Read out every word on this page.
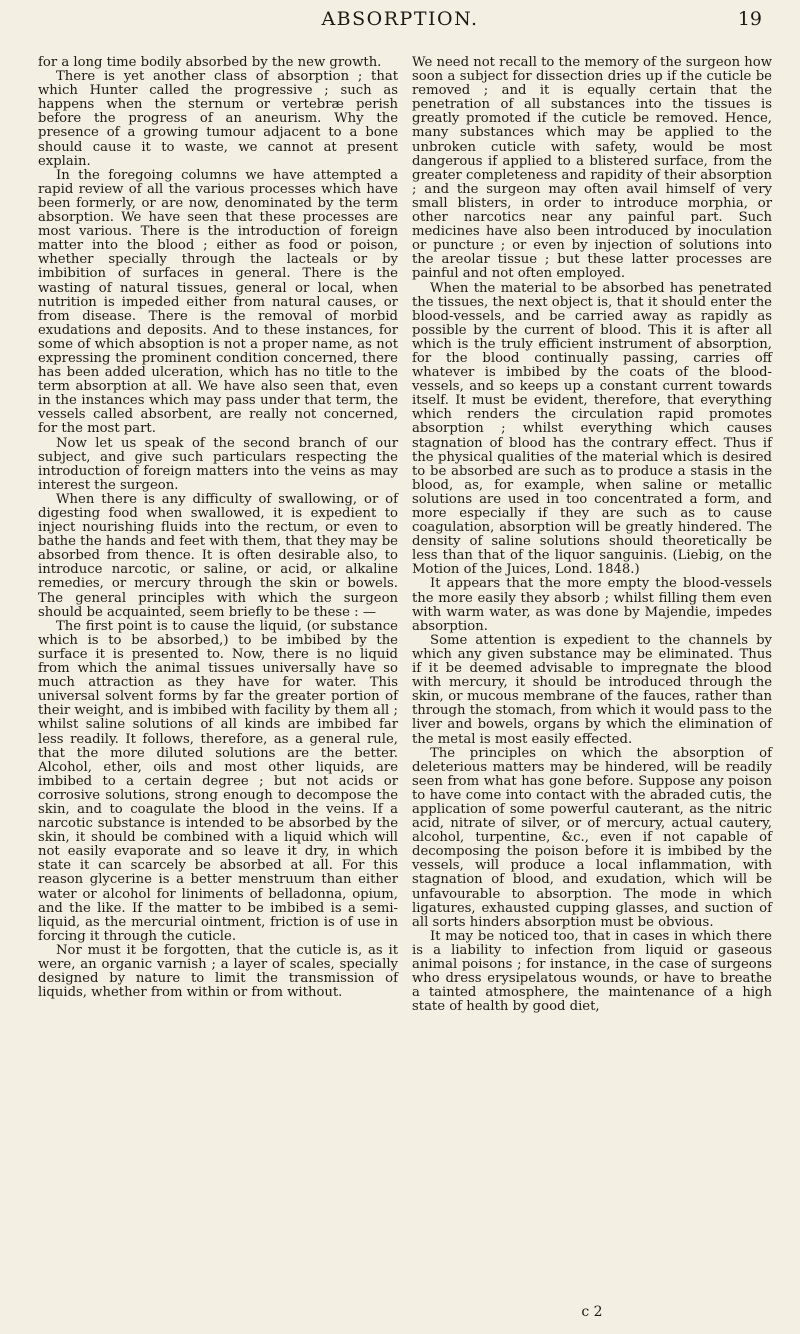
ABSORPTION.	19

for a long time bodily absorbed by the new growth.

There is yet another class of absorption ; that which Hunter called the progressive ; such as happens when the sternum or vertebræ perish before the progress of an aneurism. Why the presence of a growing tumour adjacent to a bone should cause it to waste, we cannot at present explain.

In the foregoing columns we have attempted a rapid review of all the various processes which have been formerly, or are now, denominated by the term absorption. We have seen that these processes are most various. There is the introduction of foreign matter into the blood ; either as food or poison, whether specially through the lacteals or by imbibition of surfaces in general. There is the wasting of natural tissues, general or local, when nutrition is impeded either from natural causes, or from disease. There is the removal of morbid exudations and deposits. And to these instances, for some of which absoption is not a proper name, as not expressing the prominent condition concerned, there has been added ulceration, which has no title to the term absorption at all. We have also seen that, even in the instances which may pass under that term, the vessels called absorbent, are really not concerned, for the most part.

Now let us speak of the second branch of our subject, and give such particulars respecting the introduction of foreign matters into the veins as may interest the surgeon.

When there is any difficulty of swallowing, or of digesting food when swallowed, it is expedient to inject nourishing fluids into the rectum, or even to bathe the hands and feet with them, that they may be absorbed from thence. It is often desirable also, to introduce narcotic, or saline, or acid, or alkaline remedies, or mercury through the skin or bowels. The general principles with which the surgeon should be acquainted, seem briefly to be these : —

The first point is to cause the liquid, (or substance which is to be absorbed,) to be imbibed by the surface it is presented to. Now, there is no liquid from which the animal tissues universally have so much attraction as they have for water. This universal solvent forms by far the greater portion of their weight, and is imbibed with facility by them all ; whilst saline solutions of all kinds are imbibed far less readily. It follows, therefore, as a general rule, that the more diluted solutions are the better. Alcohol, ether, oils and most other liquids, are imbibed to a certain degree ; but not acids or corrosive solutions, strong enough to decompose the skin, and to coagulate the blood in the veins. If a narcotic substance is intended to be absorbed by the skin, it should be combined with a liquid which will not easily evaporate and so leave it dry, in which state it can scarcely be absorbed at all. For this reason glycerine is a better menstruum than either water or alcohol for liniments of belladonna, opium, and the like. If the matter to be imbibed is a semi-liquid, as the mercurial ointment, friction is of use in forcing it through the cuticle.

Nor must it be forgotten, that the cuticle is, as it were, an organic varnish ; a layer of scales, specially designed by nature to limit the transmission of liquids, whether from within or from without.

We need not recall to the memory of the surgeon how soon a subject for dissection dries up if the cuticle be removed ; and it is equally certain that the penetration of all substances into the tissues is greatly promoted if the cuticle be removed. Hence, many substances which may be applied to the unbroken cuticle with safety, would be most dangerous if applied to a blistered surface, from the greater completeness and rapidity of their absorption ; and the surgeon may often avail himself of very small blisters, in order to introduce morphia, or other narcotics near any painful part. Such medicines have also been introduced by inoculation or puncture ; or even by injection of solutions into the areolar tissue ; but these latter processes are painful and not often employed.

When the material to be absorbed has penetrated the tissues, the next object is, that it should enter the blood-vessels, and be carried away as rapidly as possible by the current of blood. This it is after all which is the truly efficient instrument of absorption, for the blood continually passing, carries off whatever is imbibed by the coats of the blood-vessels, and so keeps up a constant current towards itself. It must be evident, therefore, that everything which renders the circulation rapid promotes absorption ; whilst everything which causes stagnation of blood has the contrary effect. Thus if the physical qualities of the material which is desired to be absorbed are such as to produce a stasis in the blood, as, for example, when saline or metallic solutions are used in too concentrated a form, and more especially if they are such as to cause coagulation, absorption will be greatly hindered. The density of saline solutions should theoretically be less than that of the liquor sanguinis. (Liebig, on the Motion of the Juices, Lond. 1848.)

It appears that the more empty the blood-vessels the more easily they absorb ; whilst filling them even with warm water, as was done by Majendie, impedes absorption.

Some attention is expedient to the channels by which any given substance may be eliminated. Thus if it be deemed advisable to impregnate the blood with mercury, it should be introduced through the skin, or mucous membrane of the fauces, rather than through the stomach, from which it would pass to the liver and bowels, organs by which the elimination of the metal is most easily effected.

The principles on which the absorption of deleterious matters may be hindered, will be readily seen from what has gone before. Suppose any poison to have come into contact with the abraded cutis, the application of some powerful cauterant, as the nitric acid, nitrate of silver, or of mercury, actual cautery, alcohol, turpentine, &c., even if not capable of decomposing the poison before it is imbibed by the vessels, will produce a local inflammation, with stagnation of blood, and exudation, which will be unfavourable to absorption. The mode in which ligatures, exhausted cupping glasses, and suction of all sorts hinders absorption must be obvious.

It may be noticed too, that in cases in which there is a liability to infection from liquid or gaseous animal poisons ; for instance, in the case of surgeons who dress erysipelatous wounds, or have to breathe a tainted atmosphere, the maintenance of a high state of health by good diet,

c 2
